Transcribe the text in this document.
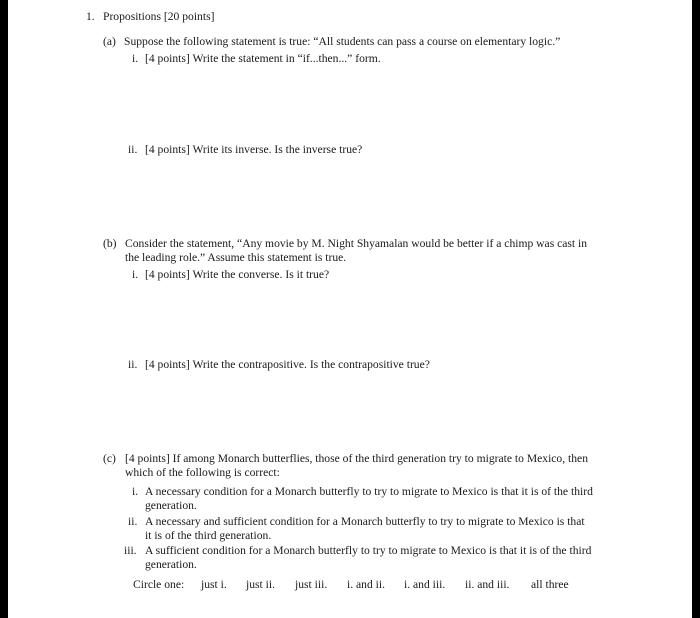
1. Propositions [20 points]
(a) Suppose the following statement is true: “All students can pass a course on elementary logic.”
i. [4 points] Write the statement in “if...then...” form.
ii. [4 points] Write its inverse. Is the inverse true?
(b) Consider the statement, “Any movie by M. Night Shyamalan would be better if a chimp was cast in
the leading role.” Assume this statement is true.
i. [4 points] Write the converse. Is it true?
ii. [4 points] Write the contrapositive. Is the contrapositive true?
(c) [4 points] If among Monarch butterflies, those of the third generation try to migrate to Mexico, then
which of the following is correct:
i. A necessary condition for a Monarch butterfly to try to migrate to Mexico is that it is of the third
generation.
ii. A necessary and sufficient condition for a Monarch butterfly to try to migrate to Mexico is that
it is of the third generation.
iii. A sufficient condition for a Monarch butterfly to try to migrate to Mexico is that it is of the third
generation.
Circle one: just i. just ii. just iii. i. and ii. i. and iii. ii. and iii. all three
